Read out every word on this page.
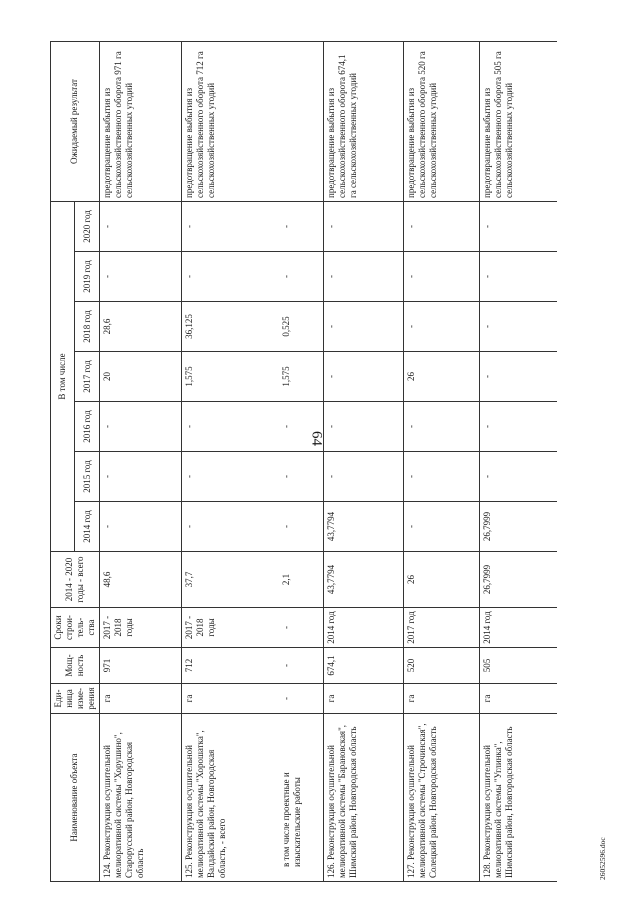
64
Наименование объекта	Еди-ница изме-рения	Мощ-ность	Сроки строи-тель-ства	2014 - 2020 годы - всего	В том числе							Ожидаемый результат
					2014 год	2015 год	2016 год	2017 год	2018 год	2019 год	2020 год	
124. Реконструкция осушительной мелиоративной системы "Хорушино", Старорусский район, Новгородская область	га	971	2017 - 2018 годы	48,6	-	-	-	20	28,6	-	-	предотвращение выбытия из сельскохозяйственного оборота 971 га сельскохозяйственных угодий
125. Реконструкция осушительной мелиоративной системы "Хорошатка", Валдайский район, Новгородская область, - всего	га	712	2017 - 2018 годы	37,7	-	-	-	1,575	36,125	-	-	предотвращение выбытия из сельскохозяйственного оборота 712 га сельскохозяйственных угодий
в том числе проектные и изыскательские работы	-	-	-	2,1	-	-	-	1,575	0,525	-	-	
126. Реконструкция осушительной мелиоративной системы "Барановская", Шимский район, Новгородская область	га	674,1	2014 год	43,7794	43,7794	-	-	-	-	-	-	предотвращение выбытия из сельскохозяйственного оборота 674,1 га сельскохозяйственных угодий
127. Реконструкция осушительной мелиоративной системы "Строчинская", Солецкий район, Новгородская область	га	520	2017 год	26	-	-	-	26	-	-	-	предотвращение выбытия из сельскохозяйственного оборота 520 га сельскохозяйственных угодий
128. Реконструкция осушительной мелиоративной системы "Углинка", Шимский район, Новгородская область	га	505	2014 год	26,7999	26,7999	-	-	-	-	-	-	предотвращение выбытия из сельскохозяйственного оборота 505 га сельскохозяйственных угодий
26052596.doc
